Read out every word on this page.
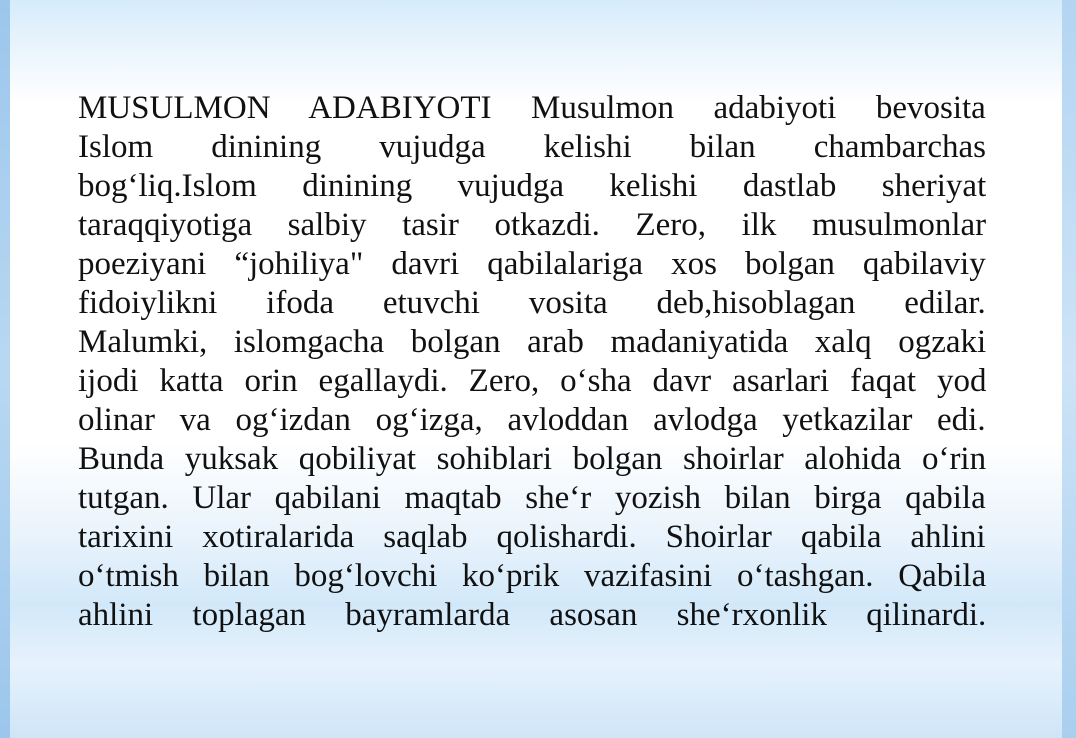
MUSULMON ADABIYOTI Musulmon adabiyoti bevosita
Islom dinining vujudga kelishi bilan chambarchas
bog‘liq.Islom dinining vujudga kelishi dastlab sheriyat
taraqqiyotiga salbiy tasir otkazdi. Zero, ilk musulmonlar
poeziyani “johiliya" davri qabilalariga xos bolgan qabilaviy
fidoiylikni ifoda etuvchi vosita deb,hisoblagan edilar.
Malumki, islomgacha bolgan arab madaniyatida xalq ogzaki
ijodi katta orin egallaydi. Zero, o‘sha davr asarlari faqat yod
olinar va og‘izdan og‘izga, avloddan avlodga yetkazilar edi.
Bunda yuksak qobiliyat sohiblari bolgan shoirlar alohida o‘rin
tutgan. Ular qabilani maqtab she‘r yozish bilan birga qabila
tarixini xotiralarida saqlab qolishardi. Shoirlar qabila ahlini
o‘tmish bilan bog‘lovchi ko‘prik vazifasini o‘tashgan. Qabila
ahlini toplagan bayramlarda asosan she‘rxonlik qilinardi.
